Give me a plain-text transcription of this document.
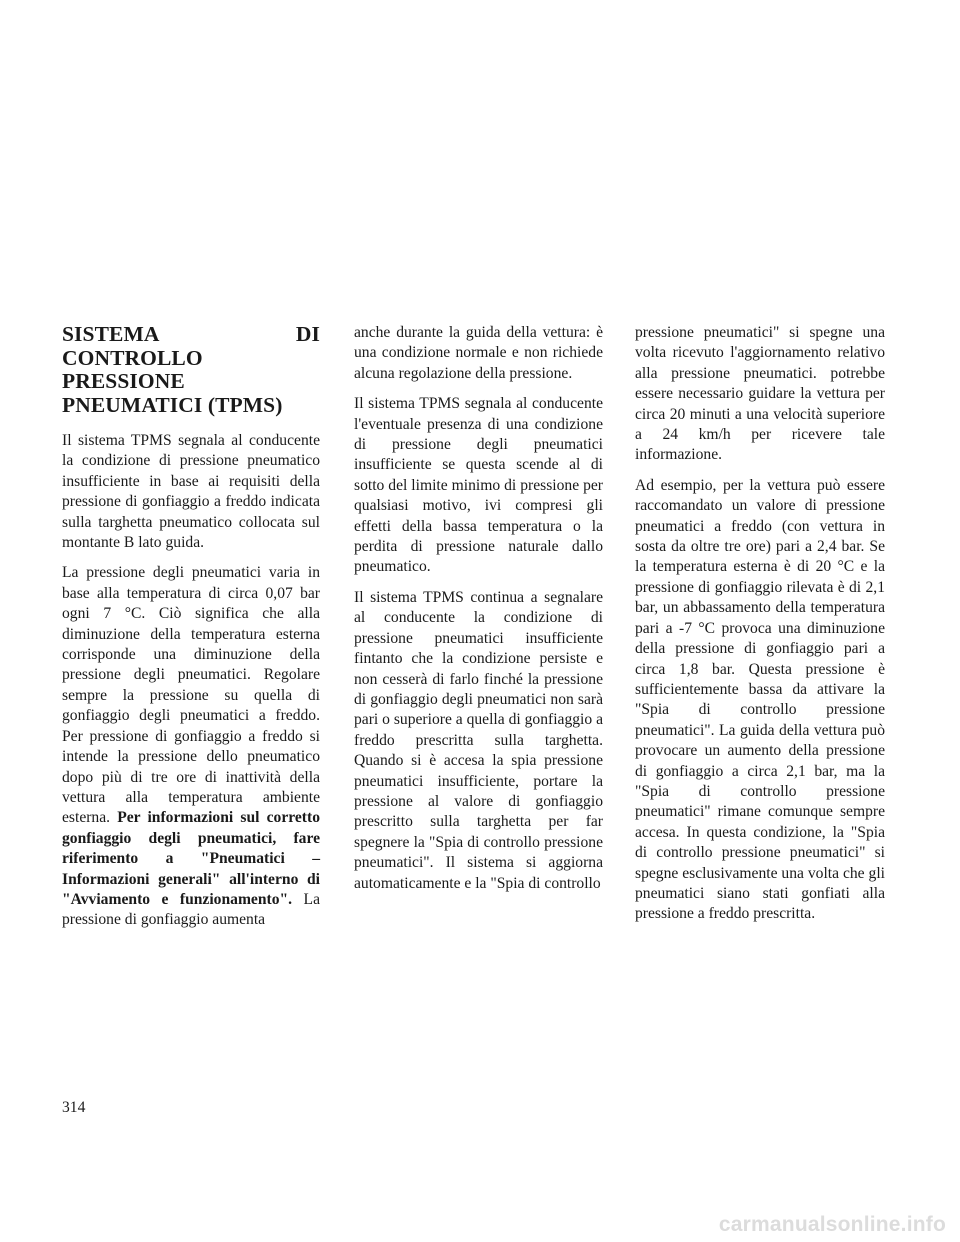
SISTEMA DI CONTROLLO PRESSIONE PNEUMATICI (TPMS)

Il sistema TPMS segnala al conducente la condizione di pressione pneumatico insufficiente in base ai requisiti della pressione di gonfiaggio a freddo indicata sulla targhetta pneumatico collocata sul montante B lato guida.

La pressione degli pneumatici varia in base alla temperatura di circa 0,07 bar ogni 7 °C. Ciò significa che alla diminuzione della temperatura esterna corrisponde una diminuzione della pressione degli pneumatici. Regolare sempre la pressione su quella di gonfiaggio degli pneumatici a freddo. Per pressione di gonfiaggio a freddo si intende la pressione dello pneumatico dopo più di tre ore di inattività della vettura alla temperatura ambiente esterna. Per informazioni sul corretto gonfiaggio degli pneumatici, fare riferimento a "Pneumatici – Informazioni generali" all'interno di "Avviamento e funzionamento". La pressione di gonfiaggio aumenta

anche durante la guida della vettura: è una condizione normale e non richiede alcuna regolazione della pressione.

Il sistema TPMS segnala al conducente l'eventuale presenza di una condizione di pressione degli pneumatici insufficiente se questa scende al di sotto del limite minimo di pressione per qualsiasi motivo, ivi compresi gli effetti della bassa temperatura o la perdita di pressione naturale dallo pneumatico.

Il sistema TPMS continua a segnalare al conducente la condizione di pressione pneumatici insufficiente fintanto che la condizione persiste e non cesserà di farlo finché la pressione di gonfiaggio degli pneumatici non sarà pari o superiore a quella di gonfiaggio a freddo prescritta sulla targhetta. Quando si è accesa la spia pressione pneumatici insufficiente, portare la pressione al valore di gonfiaggio prescritto sulla targhetta per far spegnere la "Spia di controllo pressione pneumatici". Il sistema si aggiorna automaticamente e la "Spia di controllo

pressione pneumatici" si spegne una volta ricevuto l'aggiornamento relativo alla pressione pneumatici. potrebbe essere necessario guidare la vettura per circa 20 minuti a una velocità superiore a 24 km/h per ricevere tale informazione.

Ad esempio, per la vettura può essere raccomandato un valore di pressione pneumatici a freddo (con vettura in sosta da oltre tre ore) pari a 2,4 bar. Se la temperatura esterna è di 20 °C e la pressione di gonfiaggio rilevata è di 2,1 bar, un abbassamento della temperatura pari a -7 °C provoca una diminuzione della pressione di gonfiaggio pari a circa 1,8 bar. Questa pressione è sufficientemente bassa da attivare la "Spia di controllo pressione pneumatici". La guida della vettura può provocare un aumento della pressione di gonfiaggio a circa 2,1 bar, ma la "Spia di controllo pressione pneumatici" rimane comunque sempre accesa. In questa condizione, la "Spia di controllo pressione pneumatici" si spegne esclusivamente una volta che gli pneumatici siano stati gonfiati alla pressione a freddo prescritta.

314
carmanualsonline.info
